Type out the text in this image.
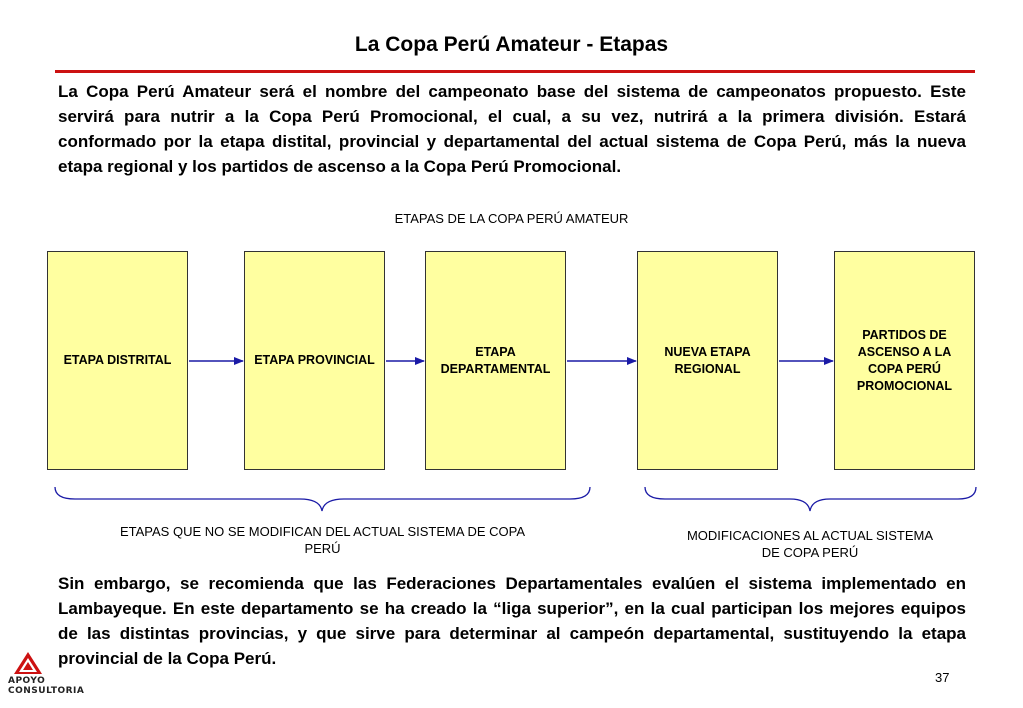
La Copa Perú Amateur - Etapas
La Copa Perú Amateur será el nombre del campeonato base del sistema de campeonatos propuesto. Este servirá para nutrir a la Copa Perú Promocional, el cual, a su vez, nutrirá a la primera división. Estará conformado por la etapa distital, provincial y departamental del actual sistema de Copa Perú, más la nueva etapa regional y los partidos de ascenso a la Copa Perú Promocional.
ETAPAS DE LA COPA PERÚ AMATEUR
ETAPA DISTRITAL	ETAPA PROVINCIAL
ETAPA DEPARTAMENTAL
NUEVA ETAPA REGIONAL
PARTIDOS DE ASCENSO A LA COPA PERÚ PROMOCIONAL
ETAPAS QUE NO SE MODIFICAN DEL ACTUAL SISTEMA DE COPA PERÚ
MODIFICACIONES AL ACTUAL SISTEMA DE COPA PERÚ
Sin embargo, se recomienda que las Federaciones Departamentales evalúen el sistema implementado en Lambayeque. En este departamento se ha creado la “liga superior”, en la cual participan los mejores equipos de las distintas provincias, y que sirve para determinar al campeón departamental, sustituyendo la etapa provincial de la Copa Perú.
APOYO
CONSULTORIA
37
